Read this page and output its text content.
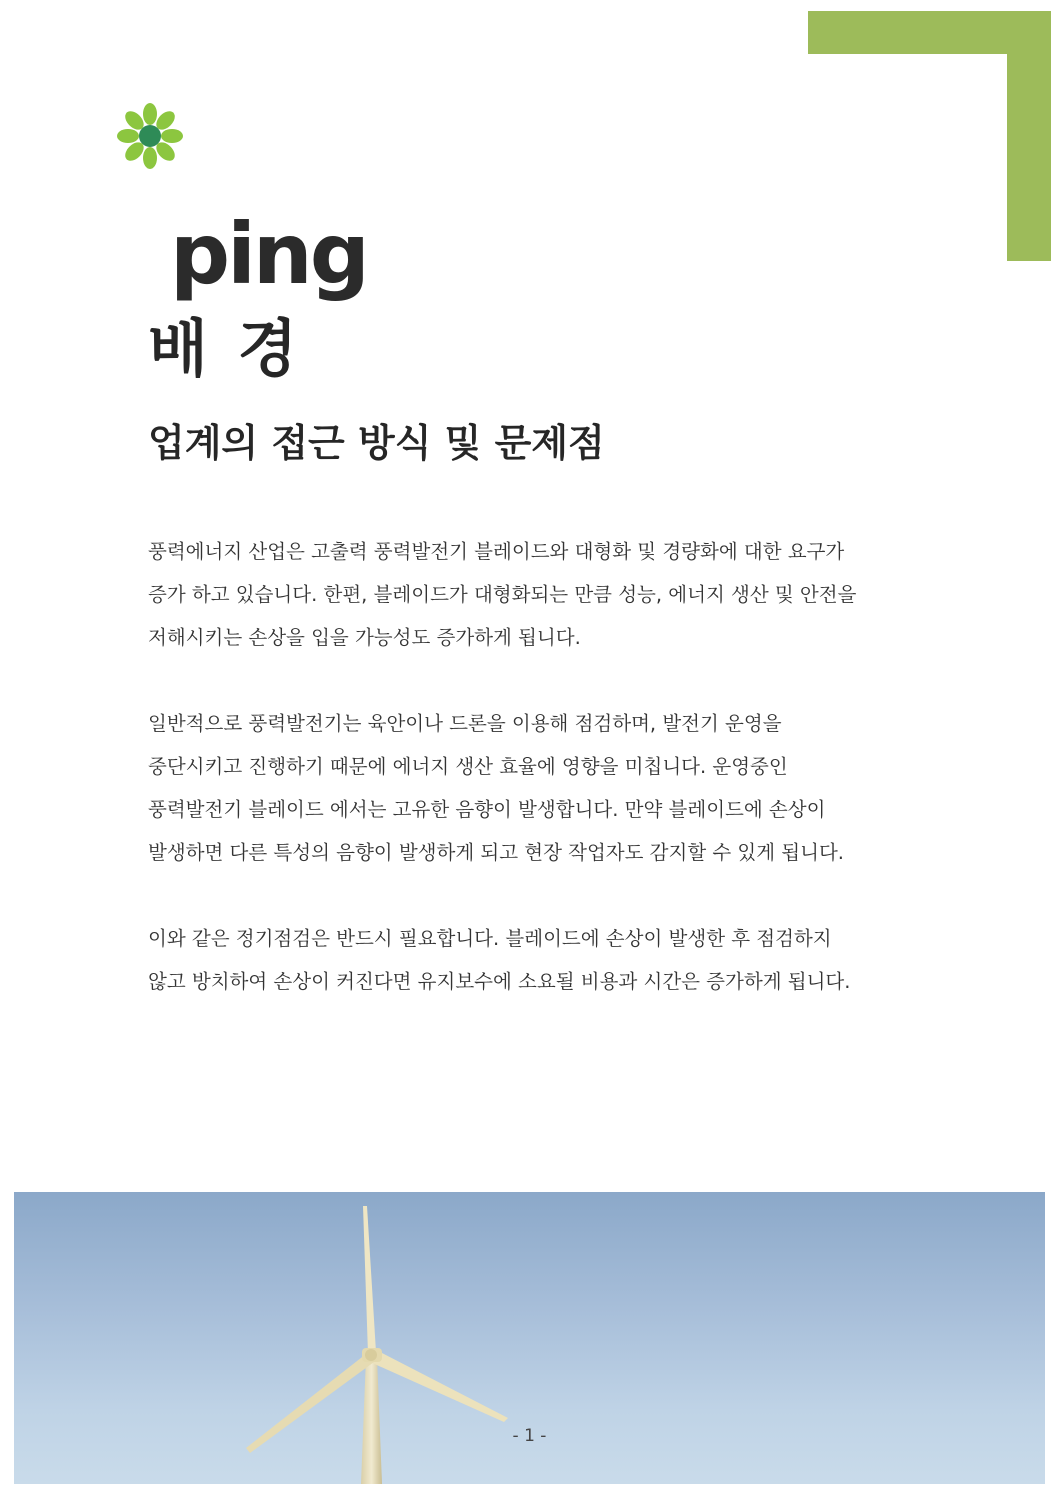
ping
배 경
업계의 접근 방식 및 문제점

풍력에너지 산업은 고출력 풍력발전기 블레이드와 대형화 및 경량화에 대한 요구가
증가 하고 있습니다. 한편, 블레이드가 대형화되는 만큼 성능, 에너지 생산 및 안전을
저해시키는 손상을 입을 가능성도 증가하게 됩니다.

일반적으로 풍력발전기는 육안이나 드론을 이용해 점검하며, 발전기 운영을
중단시키고 진행하기 때문에 에너지 생산 효율에 영향을 미칩니다. 운영중인
풍력발전기 블레이드 에서는 고유한 음향이 발생합니다. 만약 블레이드에 손상이
발생하면 다른 특성의 음향이 발생하게 되고 현장 작업자도 감지할 수 있게 됩니다.

이와 같은 정기점검은 반드시 필요합니다. 블레이드에 손상이 발생한 후 점검하지
않고 방치하여 손상이 커진다면 유지보수에 소요될 비용과 시간은 증가하게 됩니다.

- 1 -
